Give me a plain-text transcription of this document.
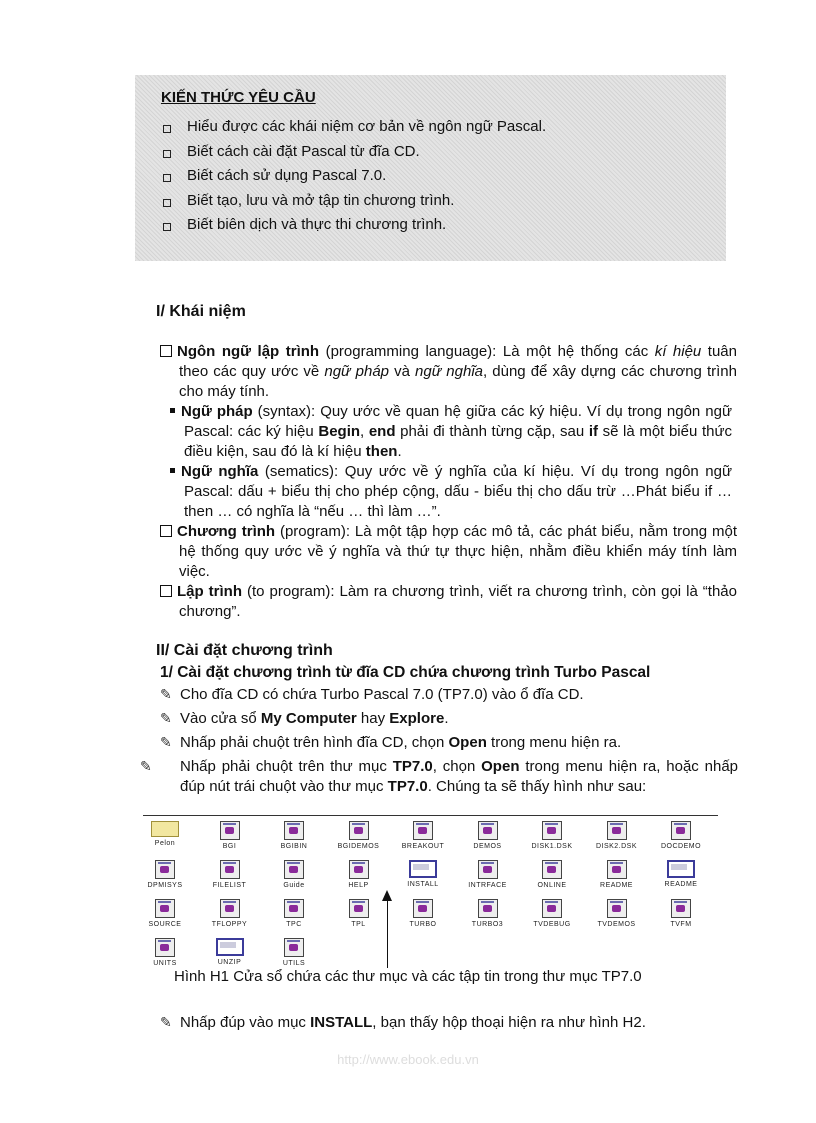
KIẾN THỨC YÊU CẦU
Hiểu được các khái niệm cơ bản về ngôn ngữ Pascal.
Biết cách cài đặt Pascal từ đĩa CD.
Biết cách sử dụng Pascal 7.0.
Biết tạo, lưu và mở tập tin chương trình.
Biết biên dịch và thực thi chương trình.
I/ Khái niệm

Ngôn ngữ lập trình (programming language): Là một hệ thống các kí hiệu tuân theo các quy ước về ngữ pháp và ngữ nghĩa, dùng để xây dựng các chương trình cho máy tính.

Ngữ pháp (syntax): Quy ước về quan hệ giữa các ký hiệu. Ví dụ trong ngôn ngữ Pascal: các ký hiệu Begin, end phải đi thành từng cặp, sau if sẽ là một biểu thức điều kiện, sau đó là kí hiệu then.

Ngữ nghĩa (sematics): Quy ước về ý nghĩa của kí hiệu. Ví dụ trong ngôn ngữ Pascal: dấu + biểu thị cho phép cộng, dấu - biểu thị cho dấu trừ …Phát biểu if …then … có nghĩa là “nếu … thì làm …”.

Chương trình (program): Là một tập hợp các mô tả, các phát biểu, nằm trong một hệ thống quy ước về ý nghĩa và thứ tự thực hiện, nhằm điều khiển máy tính làm việc.

Lập trình (to program): Làm ra chương trình, viết ra chương trình, còn gọi là “thảo chương”.

II/ Cài đặt chương trình
1/ Cài đặt chương trình từ đĩa CD chứa chương trình Turbo Pascal
✎ Cho đĩa CD có chứa Turbo Pascal 7.0 (TP7.0) vào ổ đĩa CD.
✎ Vào cửa sổ My Computer hay Explore.
✎ Nhấp phải chuột trên hình đĩa CD, chọn Open trong menu hiện ra.

✎ Nhấp phải chuột trên thư mục TP7.0, chọn Open trong menu hiện ra, hoặc nhấp đúp nút trái chuột vào thư mục TP7.0. Chúng ta sẽ thấy hình như sau:

Pelon	BGI	BGIBIN	BGIDEMOS	BREAKOUT	DEMOS	DISK1.DSK	DISK2.DSK	DOCDEMO
DPMISYS	FILELIST	Guide	HELP	INSTALL	INTRFACE	ONLINE	README	README
SOURCE	TFLOPPY	TPC	TPL	TURBO	TURBO3	TVDEBUG	TVDEMOS	TVFM
UNITS	UNZIP	UTILS
Hình H1 Cửa sổ chứa các thư mục và các tập tin trong thư mục TP7.0
✎ Nhấp đúp vào mục INSTALL, bạn thấy hộp thoại hiện ra như hình H2.
http://www.ebook.edu.vn
